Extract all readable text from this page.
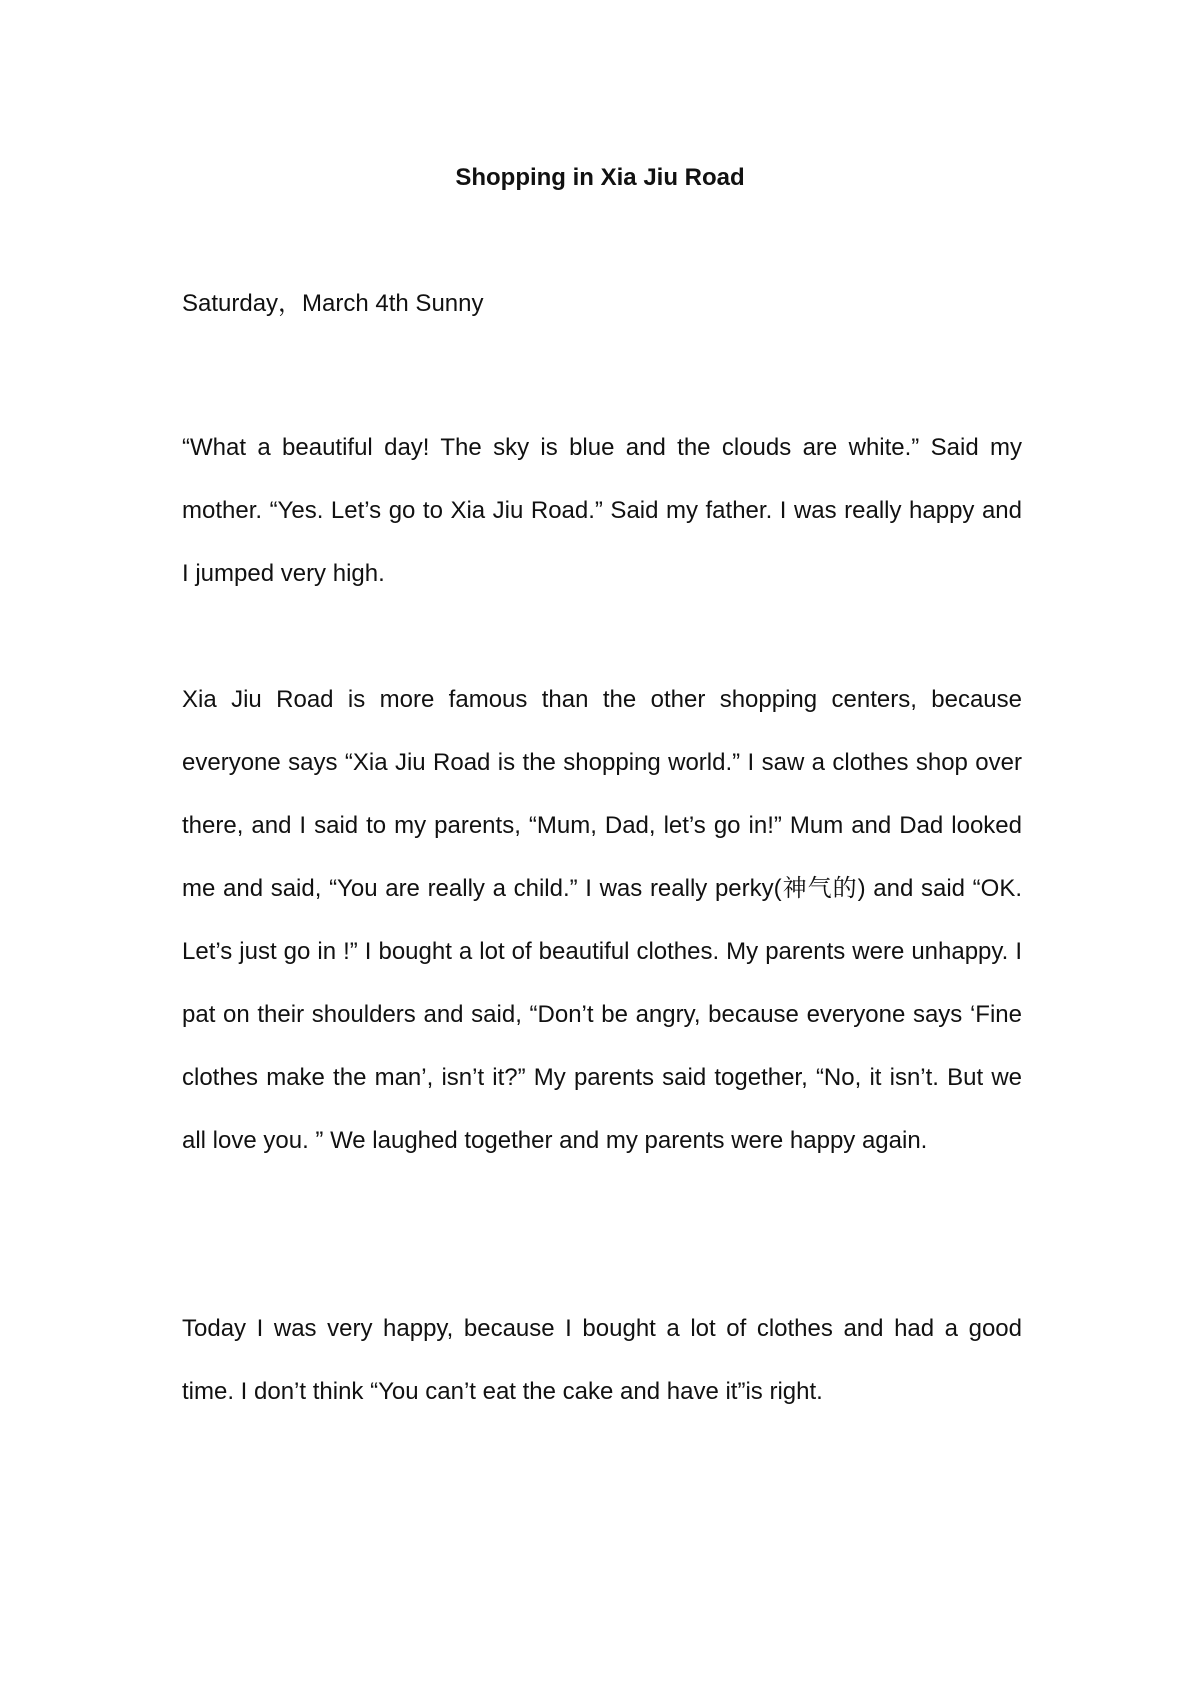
Shopping in Xia Jiu Road

Saturday，March 4th Sunny

“What a beautiful day! The sky is blue and the clouds are white.” Said my mother. “Yes. Let’s go to Xia Jiu Road.” Said my father. I was really happy and I jumped very high.

Xia Jiu Road is more famous than the other shopping centers, because everyone says “Xia Jiu Road is the shopping world.” I saw a clothes shop over there, and I said to my parents, “Mum, Dad, let’s go in!” Mum and Dad looked me and said, “You are really a child.” I was really perky(神气的) and said “OK. Let’s just go in !” I bought a lot of beautiful clothes. My parents were unhappy. I pat on their shoulders and said, “Don’t be angry, because everyone says ‘Fine clothes make the man’, isn’t it?” My parents said together, “No, it isn’t. But we all love you. ” We laughed together and my parents were happy again.

Today I was very happy, because I bought a lot of clothes and had a good time. I don’t think “You can’t eat the cake and have it”is right.
